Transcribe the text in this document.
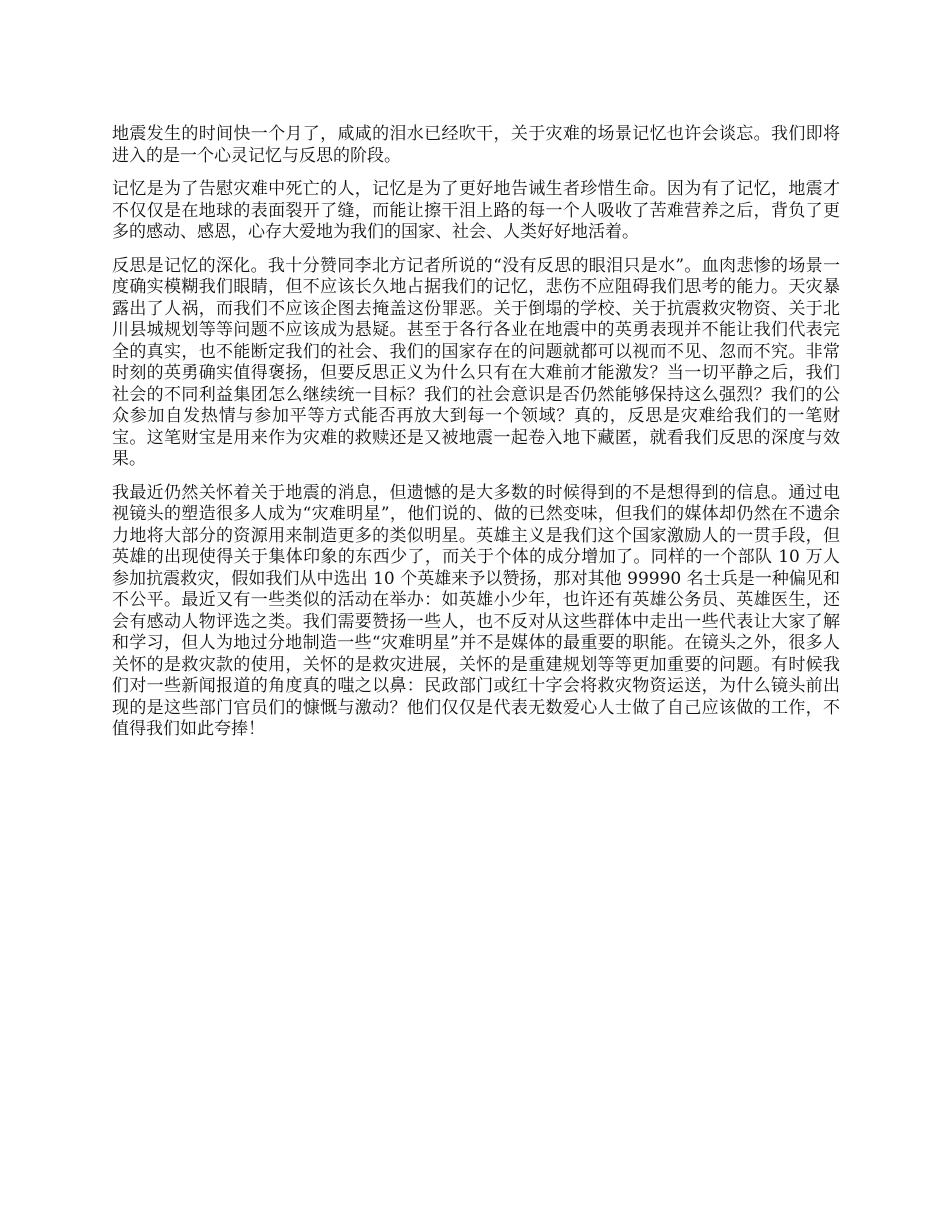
地震发生的时间快一个月了，咸咸的泪水已经吹干，关于灾难的场景记忆也许会谈忘。我们即将进入的是一个心灵记忆与反思的阶段。

记忆是为了告慰灾难中死亡的人，记忆是为了更好地告诫生者珍惜生命。因为有了记忆，地震才不仅仅是在地球的表面裂开了缝，而能让擦干泪上路的每一个人吸收了苦难营养之后，背负了更多的感动、感恩，心存大爱地为我们的国家、社会、人类好好地活着。

反思是记忆的深化。我十分赞同李北方记者所说的“没有反思的眼泪只是水”。血肉悲惨的场景一度确实模糊我们眼睛，但不应该长久地占据我们的记忆，悲伤不应阻碍我们思考的能力。天灾暴露出了人祸，而我们不应该企图去掩盖这份罪恶。关于倒塌的学校、关于抗震救灾物资、关于北川县城规划等等问题不应该成为悬疑。甚至于各行各业在地震中的英勇表现并不能让我们代表完全的真实，也不能断定我们的社会、我们的国家存在的问题就都可以视而不见、忽而不究。非常时刻的英勇确实值得褒扬，但要反思正义为什么只有在大难前才能激发？当一切平静之后，我们社会的不同利益集团怎么继续统一目标？我们的社会意识是否仍然能够保持这么强烈？我们的公众参加自发热情与参加平等方式能否再放大到每一个领域？真的，反思是灾难给我们的一笔财宝。这笔财宝是用来作为灾难的救赎还是又被地震一起卷入地下藏匿，就看我们反思的深度与效果。

我最近仍然关怀着关于地震的消息，但遗憾的是大多数的时候得到的不是想得到的信息。通过电视镜头的塑造很多人成为“灾难明星”，他们说的、做的已然变味，但我们的媒体却仍然在不遗余力地将大部分的资源用来制造更多的类似明星。英雄主义是我们这个国家激励人的一贯手段，但英雄的出现使得关于集体印象的东西少了，而关于个体的成分增加了。同样的一个部队 10 万人参加抗震救灾，假如我们从中选出 10 个英雄来予以赞扬，那对其他 99990 名士兵是一种偏见和不公平。最近又有一些类似的活动在举办：如英雄小少年，也许还有英雄公务员、英雄医生，还会有感动人物评选之类。我们需要赞扬一些人，也不反对从这些群体中走出一些代表让大家了解和学习，但人为地过分地制造一些“灾难明星”并不是媒体的最重要的职能。在镜头之外，很多人关怀的是救灾款的使用，关怀的是救灾进展，关怀的是重建规划等等更加重要的问题。有时候我们对一些新闻报道的角度真的嗤之以鼻：民政部门或红十字会将救灾物资运送，为什么镜头前出现的是这些部门官员们的慷慨与激动？他们仅仅是代表无数爱心人士做了自己应该做的工作，不值得我们如此夸捧！
